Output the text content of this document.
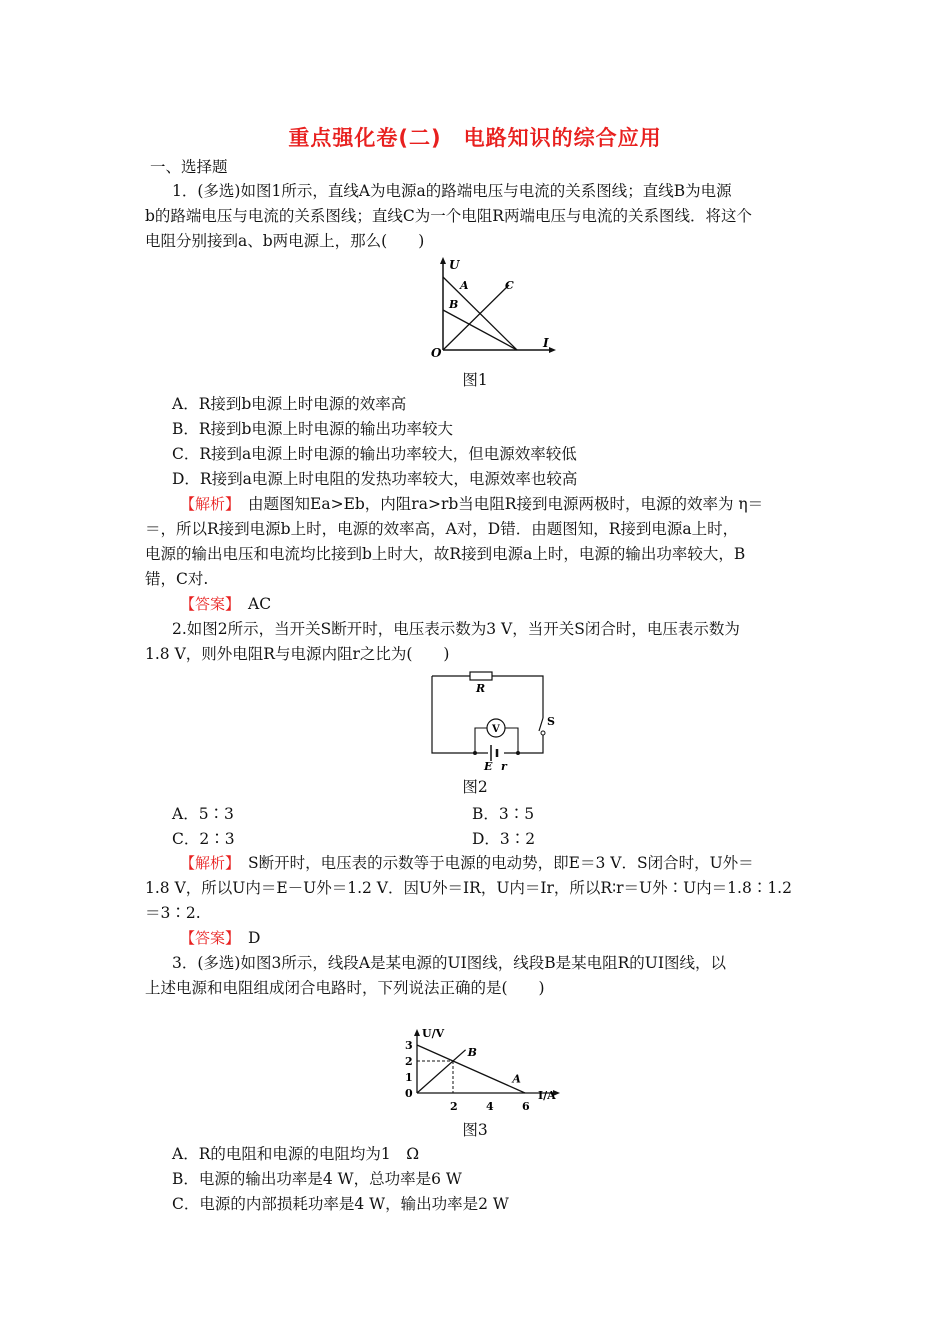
重点强化卷(二)　电路知识的综合应用
一、选择题
1．(多选)如图1所示，直线A为电源a的路端电压与电流的关系图线；直线B为电源
b的路端电压与电流的关系图线；直线C为一个电阻R两端电压与电流的关系图线．将这个
电阻分别接到a、b两电源上，那么(　　)
U
I
O
A
B
C
图1
A．R接到b电源上时电源的效率高
B．R接到b电源上时电源的输出功率较大
C．R接到a电源上时电源的输出功率较大，但电源效率较低
D．R接到a电源上时电阻的发热功率较大，电源效率也较高
【解析】　 由题图知Ea>Eb，内阻ra>rb当电阻R接到电源两极时，电源的效率为 η＝
＝，所以R接到电源b上时，电源的效率高，A对，D错．由题图知，R接到电源a上时，
电源的输出电压和电流均比接到b上时大，故R接到电源a上时，电源的输出功率较大，B
错，C对.
【答案】　 AC
2.如图2所示，当开关S断开时，电压表示数为3 V，当开关S闭合时，电压表示数为
1.8 V，则外电阻R与电源内阻r之比为(　　)
R
S
V
E r
图2
A．5∶3	B．3∶5
C．2∶3	D．3∶2
【解析】　 S断开时，电压表的示数等于电源的电动势，即E＝3 V．S闭合时，U外＝
1.8 V，所以U内＝E－U外＝1.2 V．因U外＝IR，U内＝Ir，所以R∶r＝U外∶U内＝1.8∶1.2
＝3∶2.
【答案】　 D
3．(多选)如图3所示，线段A是某电源的UI图线，线段B是某电阻R的UI图线，以
上述电源和电阻组成闭合电路时，下列说法正确的是(　　)
U/V
I/A
0
1
2
3
2	4	6
A
B
图3
A．R的电阻和电源的电阻均为1　Ω
B．电源的输出功率是4 W，总功率是6 W
C．电源的内部损耗功率是4 W，输出功率是2 W
